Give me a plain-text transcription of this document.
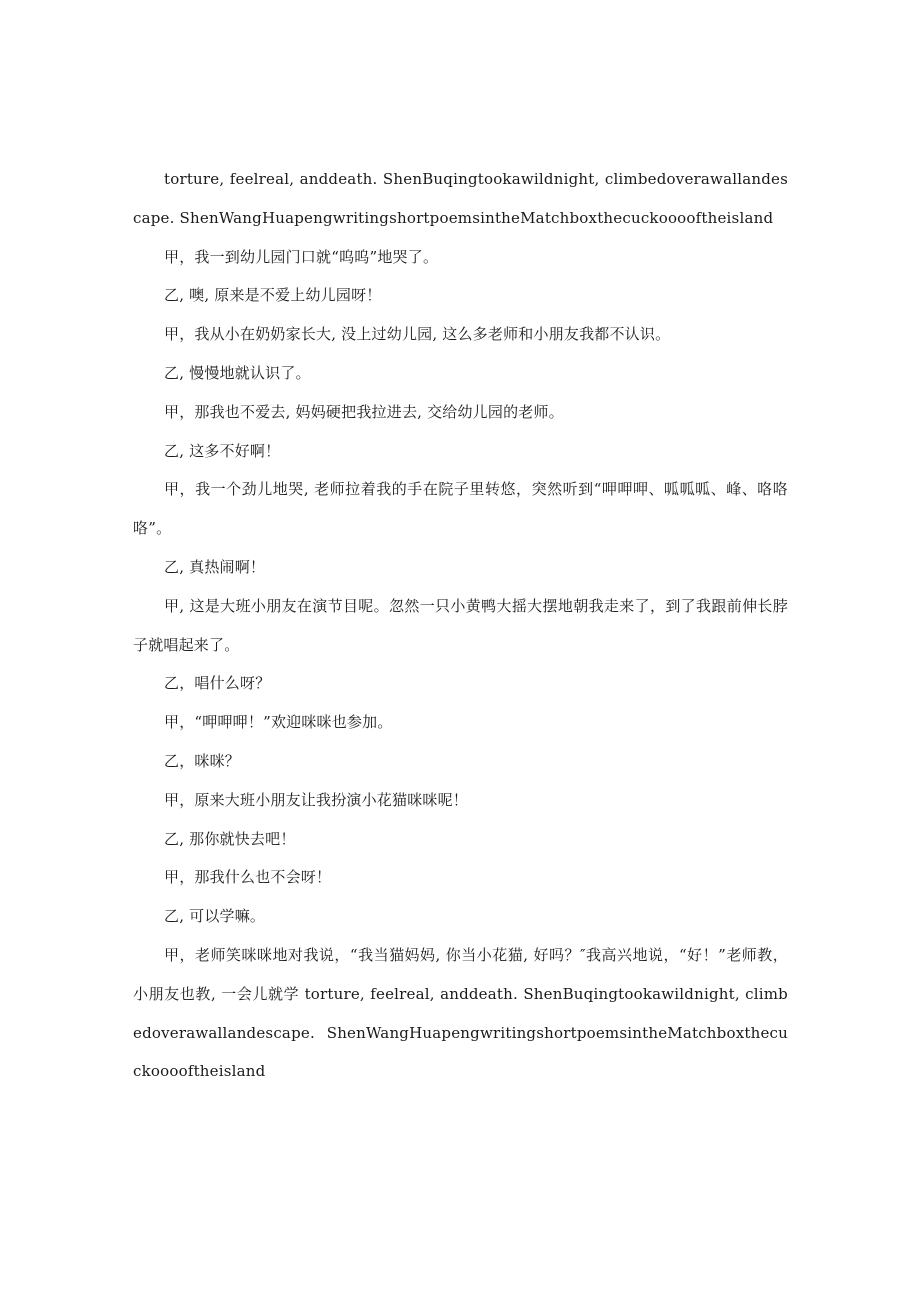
torture, feelreal, anddeath. ShenBuqingtookawildnight, climbedoverawallandescape. ShenWangHuapengwritingshortpoemsintheMatchboxthecuckooooftheisland

甲，我一到幼儿园门口就“呜呜”地哭了。

乙, 噢, 原来是不爱上幼儿园呀！

甲，我从小在奶奶家长大, 没上过幼儿园, 这么多老师和小朋友我都不认识。

乙, 慢慢地就认识了。

甲，那我也不爱去, 妈妈硬把我拉进去, 交给幼儿园的老师。

乙, 这多不好啊！

甲，我一个劲儿地哭, 老师拉着我的手在院子里转悠，突然听到“呷呷呷、呱呱呱、峰、咯咯咯”。

乙, 真热闹啊！

甲, 这是大班小朋友在演节目呢。忽然一只小黄鸭大摇大摆地朝我走来了，到了我跟前伸长脖子就唱起来了。

乙，唱什么呀？

甲，“呷呷呷！”欢迎咪咪也参加。

乙，咪咪？

甲，原来大班小朋友让我扮演小花猫咪咪呢！

乙, 那你就快去吧！

甲，那我什么也不会呀！

乙, 可以学嘛。

甲，老师笑咪咪地对我说，“我当猫妈妈, 你当小花猫, 好吗？″我高兴地说，“好！”老师教，小朋友也教, 一会儿就学 torture, feelreal, anddeath. ShenBuqingtookawildnight, climbedoverawallandescape. ShenWangHuapengwritingshortpoemsintheMatchboxthecuckooooftheisland
